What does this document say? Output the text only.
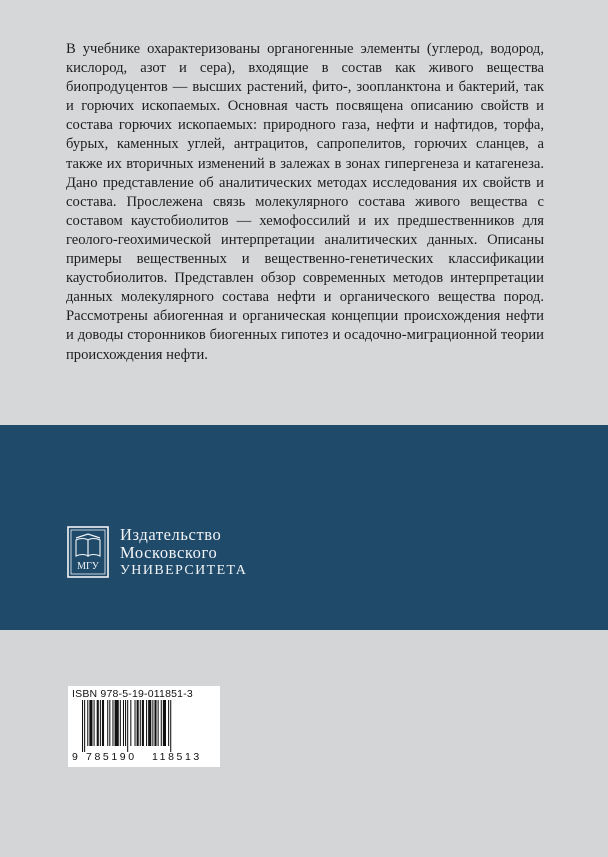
В учебнике охарактеризованы органогенные элементы (углерод, водород, кислород, азот и сера), входящие в состав как живого вещества биопродуцентов — высших растений, фито-, зоопланктона и бактерий, так и горючих ископаемых. Основная часть посвящена описанию свойств и состава горючих ископаемых: природного газа, нефти и нафтидов, торфа, бурых, каменных углей, антрацитов, сапропелитов, горючих сланцев, а также их вторичных изменений в залежах в зонах гипергенеза и катагенеза. Дано представление об аналитических методах исследования их свойств и состава. Прослежена связь молекулярного состава живого вещества с составом каустобиолитов — хемофоссилий и их предшественников для геолого-геохимической интерпретации аналитических данных. Описаны примеры вещественных и вещественно-генетических классификации каустобиолитов. Представлен обзор современных методов интерпретации данных молекулярного состава нефти и органического вещества пород. Рассмотрены абиогенная и органическая концепции происхождения нефти и доводы сторонников биогенных гипотез и осадочно-миграционной теории происхождения нефти.

МГУ
Издательство
Московского
УНИВЕРСИТЕТА
ISBN 978-5-19-011851-3
9 785190 118513
